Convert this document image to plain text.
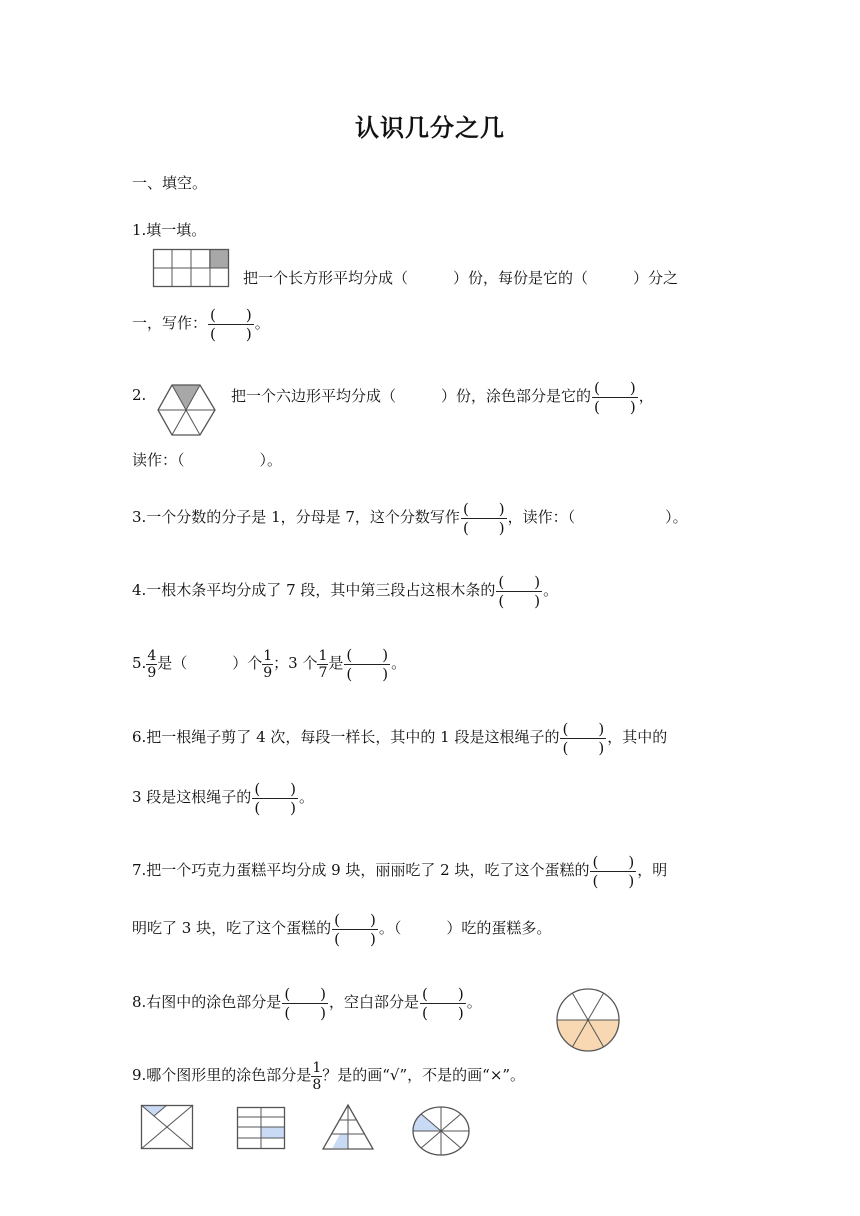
认识几分之几
一、填空。
1.填一填。
把一个长方形平均分成（　　　）份，每份是它的（　　　）分之
一，写作： $\frac{( )}{( )}$ 。
2.	把一个六边形平均分成（　　　）份，涂色部分是它的 $\frac{( )}{( )}$ ，
读作：（　　　　　）。
3.一个分数的分子是 1，分母是 7，这个分数写作 $\frac{( )}{( )}$ ，读作：（　　　　　　）。
4.一根木条平均分成了 7 段，其中第三段占这根木条的 $\frac{( )}{( )}$ 。
5. $\frac{4}{9}$ 是（　　　）个 $\frac{1}{9}$ ；3 个 $\frac{1}{7}$ 是 $\frac{( )}{( )}$ 。
6.把一根绳子剪了 4 次，每段一样长，其中的 1 段是这根绳子的 $\frac{( )}{( )}$ ，其中的
3 段是这根绳子的 $\frac{( )}{( )}$ 。
7.把一个巧克力蛋糕平均分成 9 块，丽丽吃了 2 块，吃了这个蛋糕的 $\frac{( )}{( )}$ ，明
明吃了 3 块，吃了这个蛋糕的 $\frac{( )}{( )}$ 。（　　　）吃的蛋糕多。
8.右图中的涂色部分是 $\frac{( )}{( )}$ ，空白部分是 $\frac{( )}{( )}$ 。
9.哪个图形里的涂色部分是 $\frac{1}{8}$ ？是的画“√”，不是的画“×”。
